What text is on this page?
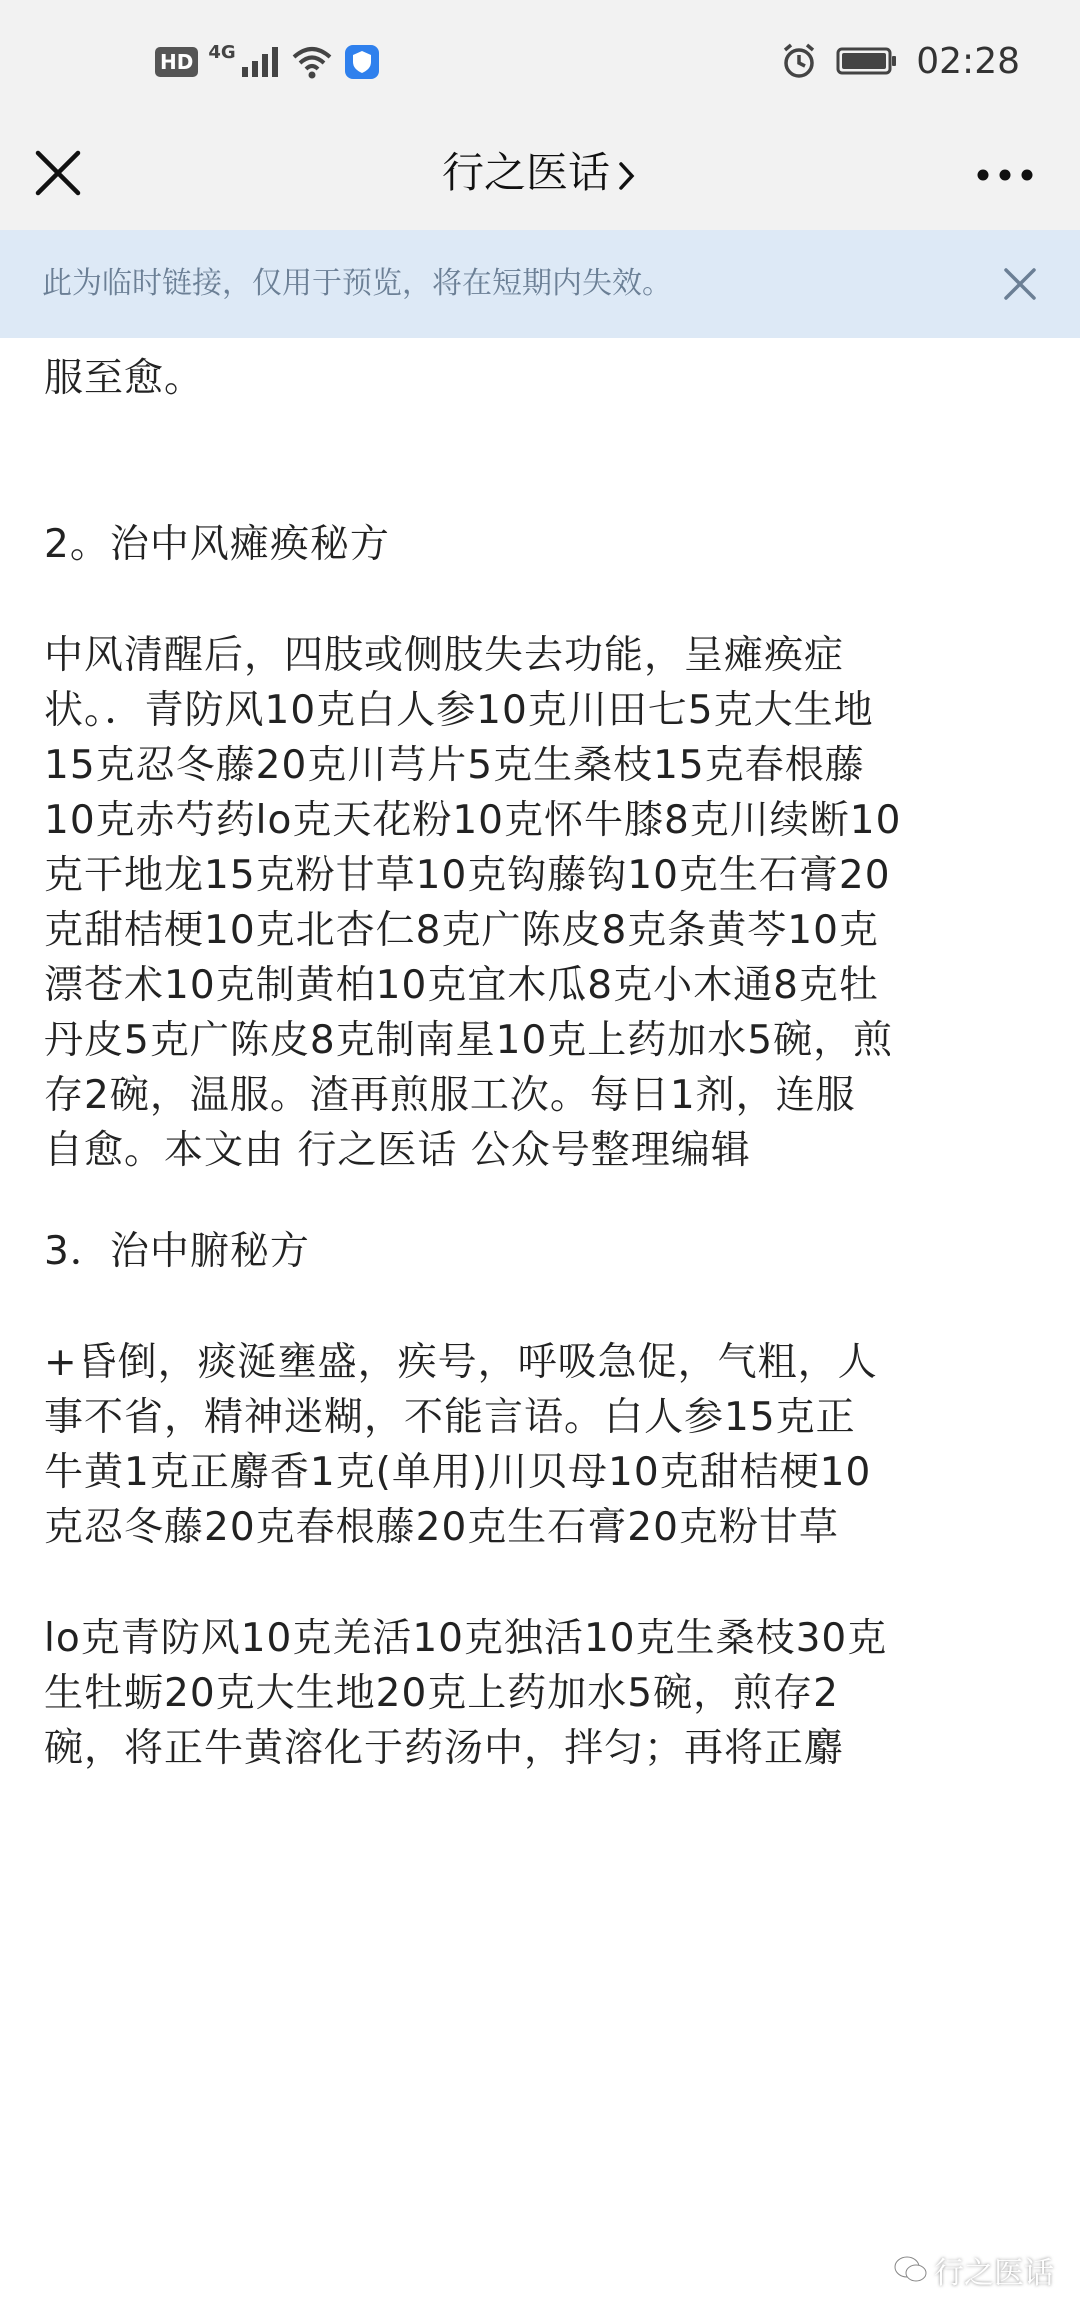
HD 4G	02:28
行之医话
此为临时链接，仅用于预览，将在短期内失效。

服至愈。

2。治中风瘫痪秘方

中风清醒后，四肢或侧肢失去功能，呈瘫痪症

状。．青防风10克白人参10克川田七5克大生地

15克忍冬藤20克川芎片5克生桑枝15克春根藤

10克赤芍药lo克天花粉10克怀牛膝8克川续断10

克干地龙15克粉甘草10克钩藤钩10克生石膏20

克甜桔梗10克北杏仁8克广陈皮8克条黄芩10克

漂苍术10克制黄柏10克宜木瓜8克小木通8克牡

丹皮5克广陈皮8克制南星10克上药加水5碗，煎

存2碗，温服。渣再煎服工次。每日1剂，连服

自愈。本文由 行之医话 公众号整理编辑

3．治中腑秘方

+昏倒，痰涎壅盛，疾号，呼吸急促，气粗，人

事不省，精神迷糊，不能言语。白人参15克正

牛黄1克正麝香1克(单用)川贝母10克甜桔梗10

克忍冬藤20克春根藤20克生石膏20克粉甘草

lo克青防风10克羌活10克独活10克生桑枝30克

生牡蛎20克大生地20克上药加水5碗，煎存2

碗，将正牛黄溶化于药汤中，拌匀；再将正麝

行之医话
